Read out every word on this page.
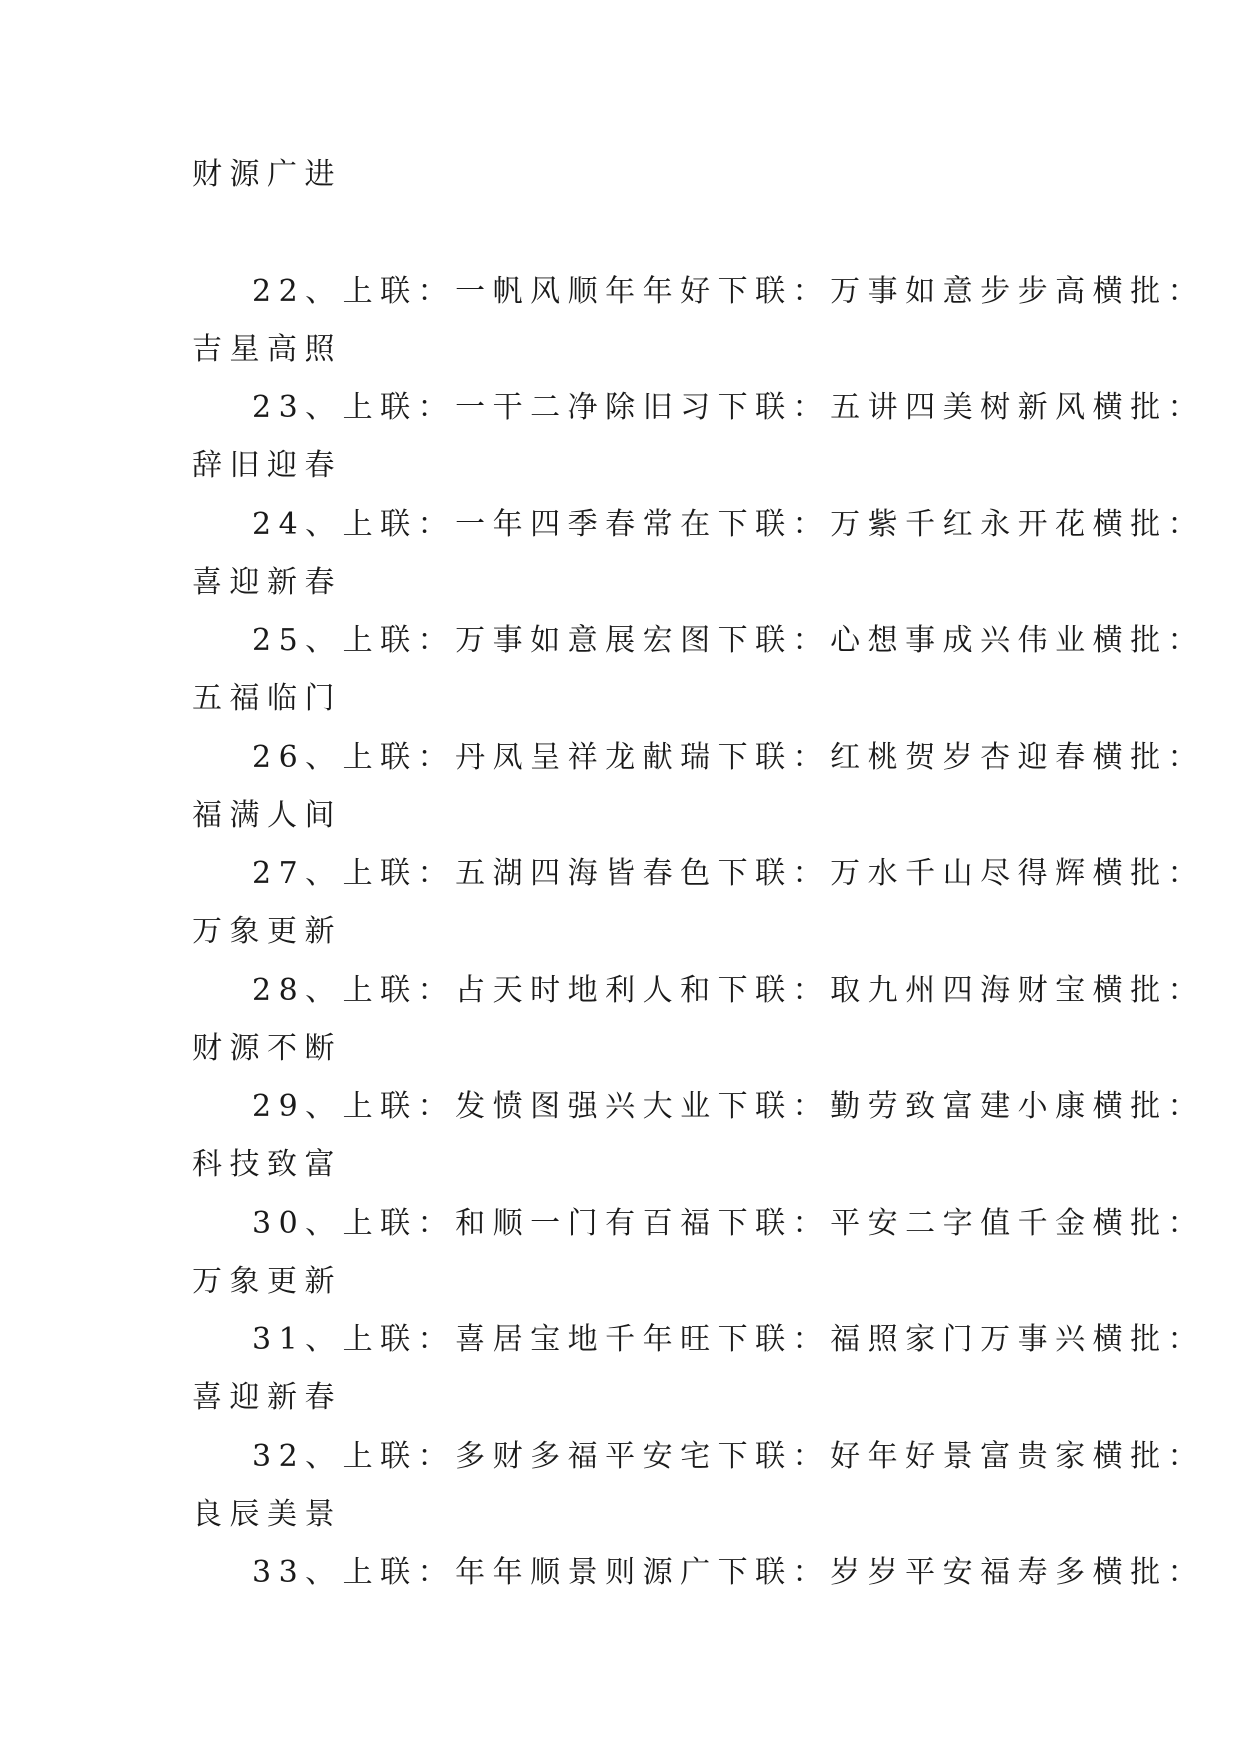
财源广进
22、上联：一帆风顺年年好下联：万事如意步步高横批：
吉星高照
23、上联：一干二净除旧习下联：五讲四美树新风横批：
辞旧迎春
24、上联：一年四季春常在下联：万紫千红永开花横批：
喜迎新春
25、上联：万事如意展宏图下联：心想事成兴伟业横批：
五福临门
26、上联：丹凤呈祥龙献瑞下联：红桃贺岁杏迎春横批：
福满人间
27、上联：五湖四海皆春色下联：万水千山尽得辉横批：
万象更新
28、上联：占天时地利人和下联：取九州四海财宝横批：
财源不断
29、上联：发愤图强兴大业下联：勤劳致富建小康横批：
科技致富
30、上联：和顺一门有百福下联：平安二字值千金横批：
万象更新
31、上联：喜居宝地千年旺下联：福照家门万事兴横批：
喜迎新春
32、上联：多财多福平安宅下联：好年好景富贵家横批：
良辰美景
33、上联：年年顺景则源广下联：岁岁平安福寿多横批：
